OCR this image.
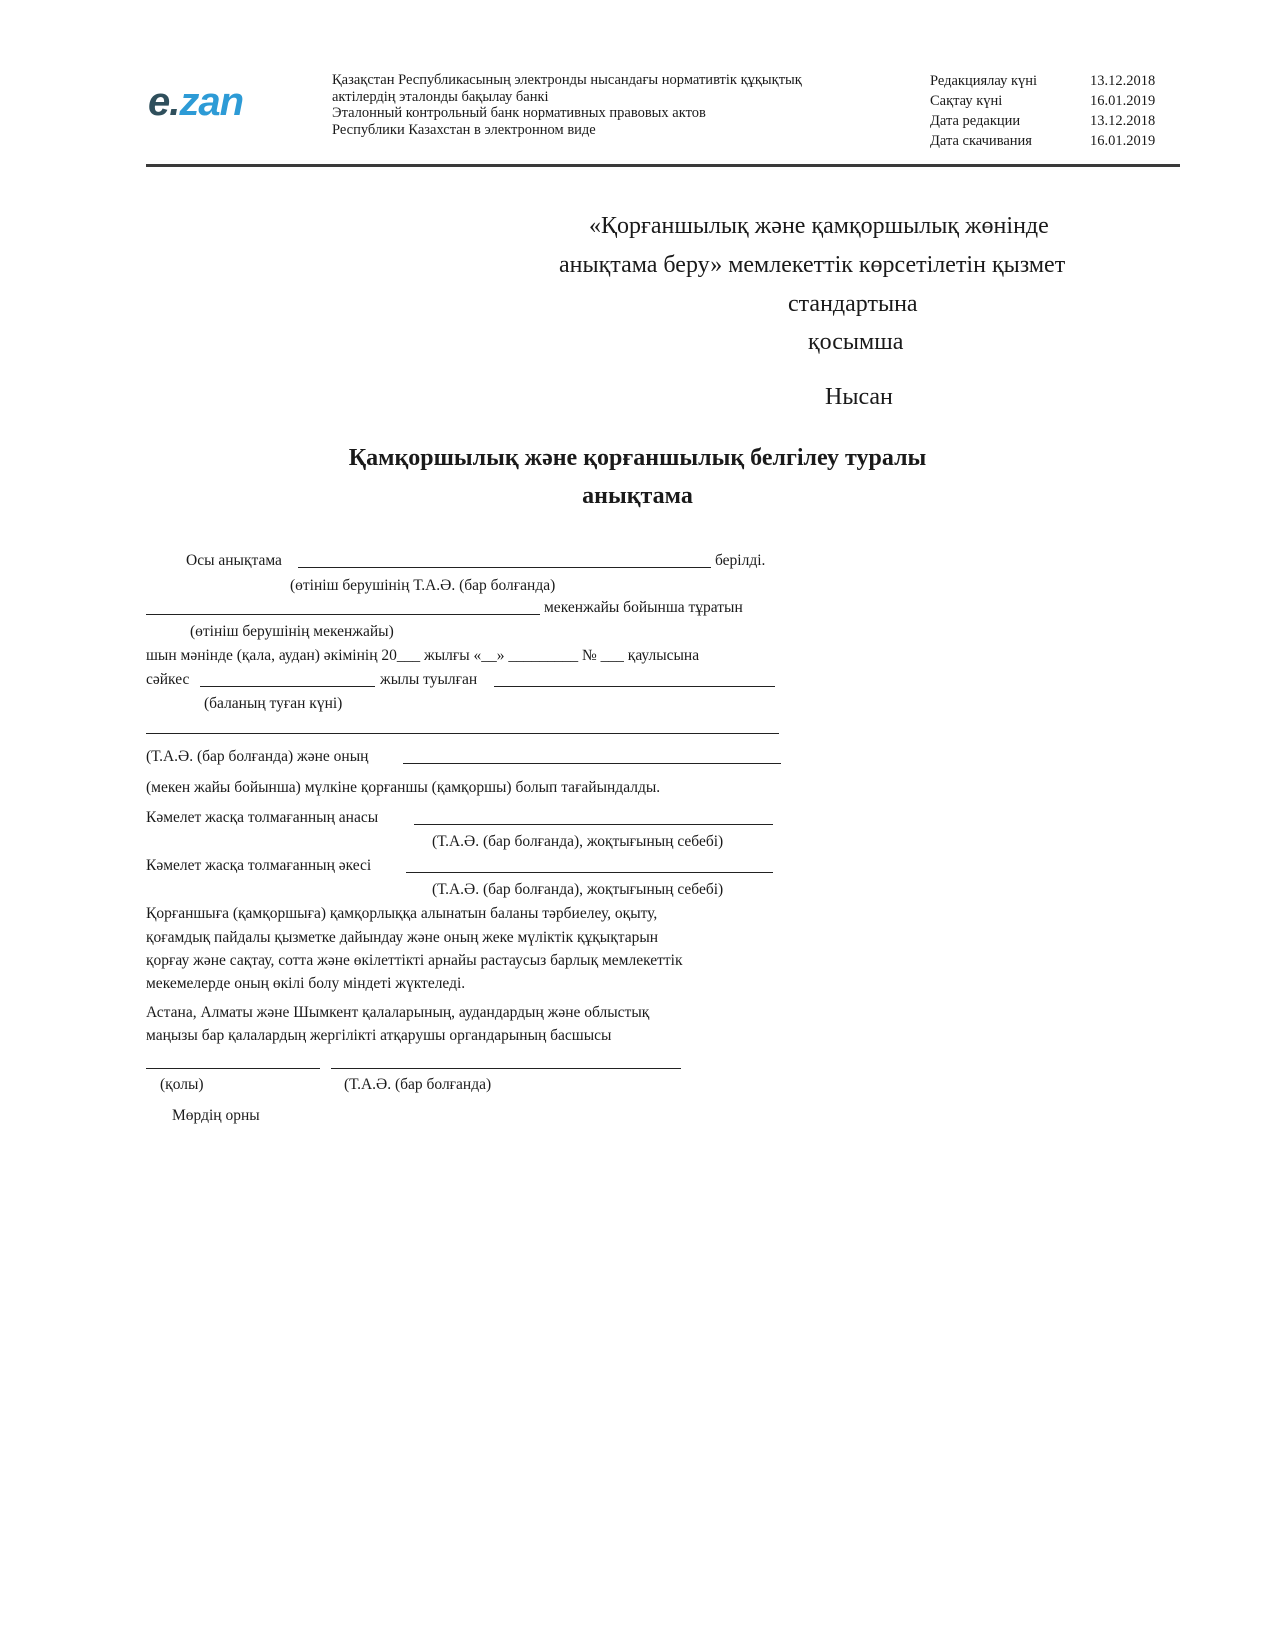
e.zan	Қазақстан Республикасының электронды нысандағы нормативтік құқықтық
актілердің эталонды бақылау банкі
Эталонный контрольный банк нормативных правовых актов
Республики Казахстан в электронном виде
Редакциялау күні	13.12.2018
Сақтау күні	16.01.2019
Дата редакции	13.12.2018
Дата скачивания	16.01.2019
«Қорғаншылық және қамқоршылық жөнінде
анықтама беру» мемлекеттік көрсетілетін қызмет
стандартына
қосымша
Нысан
Қамқоршылық және қорғаншылық белгілеу туралы
анықтама
Осы анықтама	берілді.
(өтініш берушінің Т.А.Ә. (бар болғанда)
мекенжайы бойынша тұратын
(өтініш берушінің мекенжайы)
шын мәнінде (қала, аудан) әкімінің 20___ жылғы «__» _________ № ___ қаулысына
сәйкес	жылы туылған
(баланың туған күні)
(Т.А.Ә. (бар болғанда) және оның
(мекен жайы бойынша) мүлкіне қорғаншы (қамқоршы) болып тағайындалды.
Кәмелет жасқа толмағанның анасы
(Т.А.Ә. (бар болғанда), жоқтығының себебі)
Кәмелет жасқа толмағанның әкесі
(Т.А.Ә. (бар болғанда), жоқтығының себебі)
Қорғаншыға (қамқоршыға) қамқорлыққа алынатын баланы тәрбиелеу, оқыту,
қоғамдық пайдалы қызметке дайындау және оның жеке мүліктік құқықтарын
қорғау және сақтау, сотта және өкілеттікті арнайы растаусыз барлық мемлекеттік
мекемелерде оның өкілі болу міндеті жүктеледі.
Астана, Алматы және Шымкент қалаларының, аудандардың және облыстық
маңызы бар қалалардың жергілікті атқарушы органдарының басшысы
(қолы)	(Т.А.Ә. (бар болғанда)
Мөрдің орны
